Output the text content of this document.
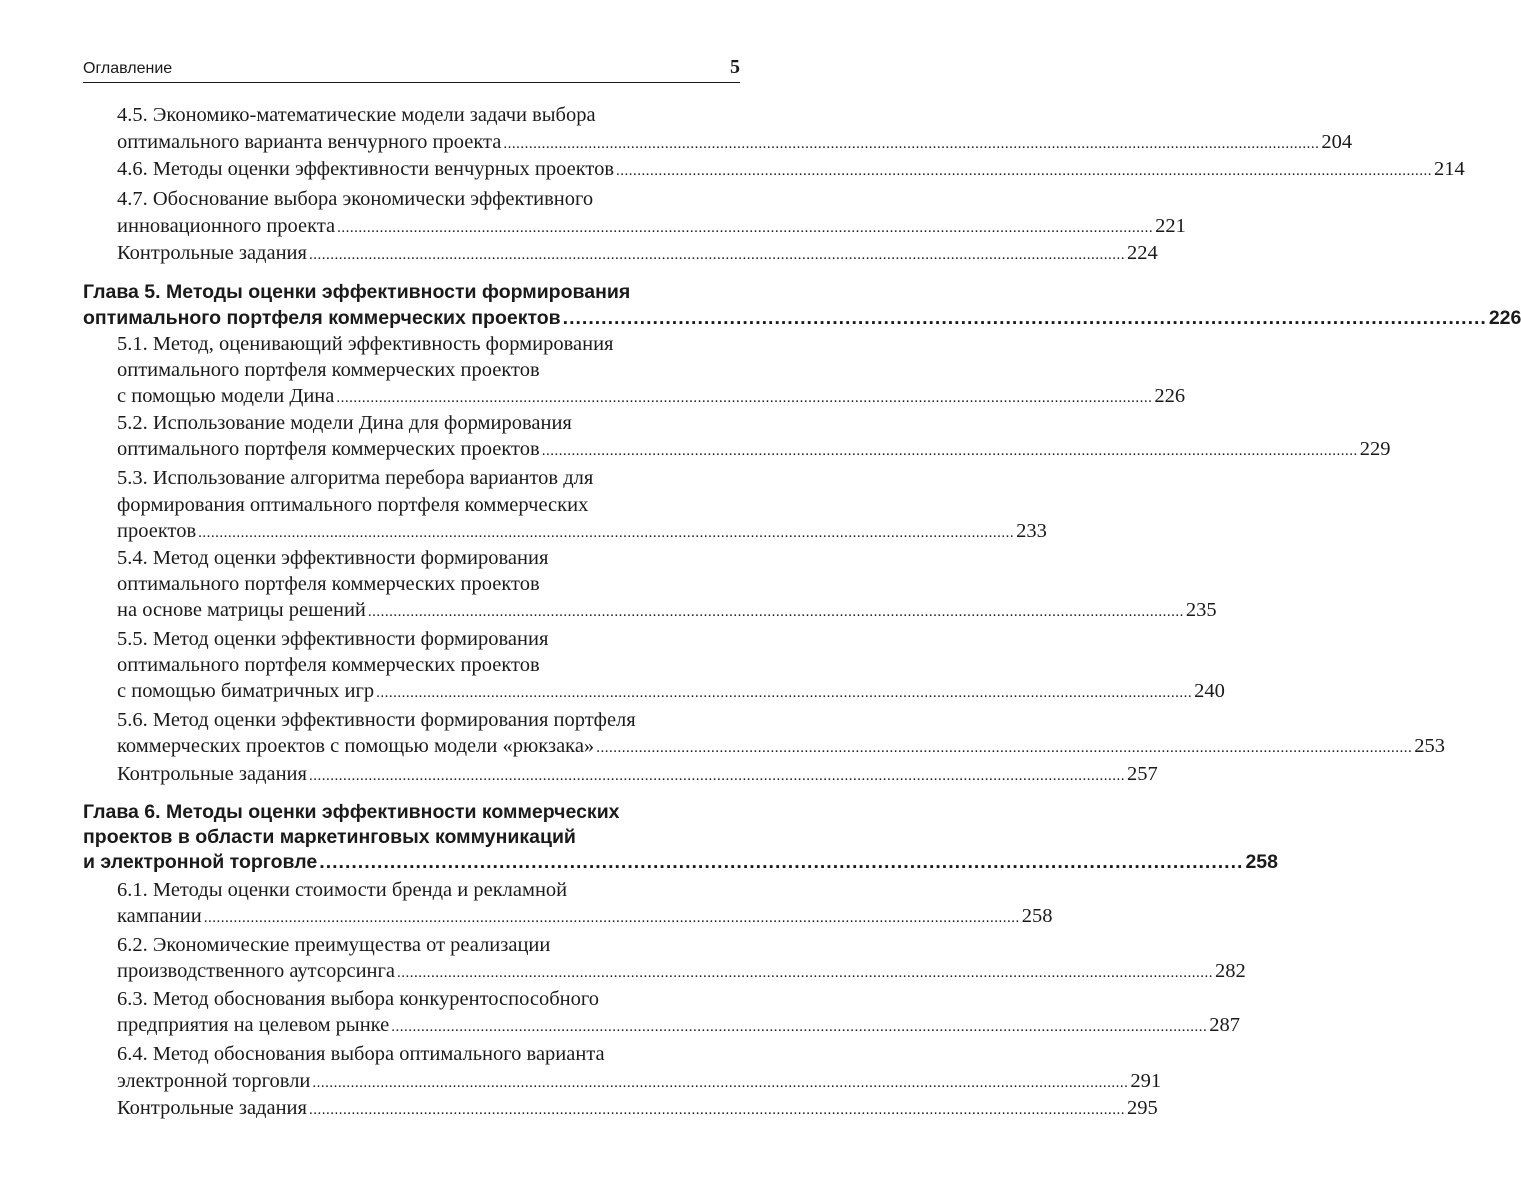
Оглавление	5
4.5. Экономико-математические модели задачи выбора
оптимального варианта венчурного проекта ................................................................................................................................................................................................ 204
4.6. Методы оценки эффективности венчурных проектов ................................................................................................................................................................................................ 214
4.7. Обоснование выбора экономически эффективного
инновационного проекта ................................................................................................................................................................................................ 221
Контрольные задания ................................................................................................................................................................................................ 224
Глава 5. Методы оценки эффективности формирования
оптимального портфеля коммерческих проектов ................................................................................................................................................ 226
5.1. Метод, оценивающий эффективность формирования
оптимального портфеля коммерческих проектов
с помощью модели Дина ................................................................................................................................................................................................ 226
5.2. Использование модели Дина для формирования
оптимального портфеля коммерческих проектов ................................................................................................................................................................................................ 229
5.3. Использование алгоритма перебора вариантов для
формирования оптимального портфеля коммерческих
проектов ................................................................................................................................................................................................ 233
5.4. Метод оценки эффективности формирования
оптимального портфеля коммерческих проектов
на основе матрицы решений ................................................................................................................................................................................................ 235
5.5. Метод оценки эффективности формирования
оптимального портфеля коммерческих проектов
с помощью биматричных игр ................................................................................................................................................................................................ 240
5.6. Метод оценки эффективности формирования портфеля
коммерческих проектов с помощью модели «рюкзака» ................................................................................................................................................................................................ 253
Контрольные задания ................................................................................................................................................................................................ 257
Глава 6. Методы оценки эффективности коммерческих
проектов в области маркетинговых коммуникаций
и электронной торговле ................................................................................................................................................ 258
6.1. Методы оценки стоимости бренда и рекламной
кампании ................................................................................................................................................................................................ 258
6.2. Экономические преимущества от реализации
производственного аутсорсинга ................................................................................................................................................................................................ 282
6.3. Метод обоснования выбора конкурентоспособного
предприятия на целевом рынке ................................................................................................................................................................................................ 287
6.4. Метод обоснования выбора оптимального варианта
электронной торговли ................................................................................................................................................................................................ 291
Контрольные задания ................................................................................................................................................................................................ 295
